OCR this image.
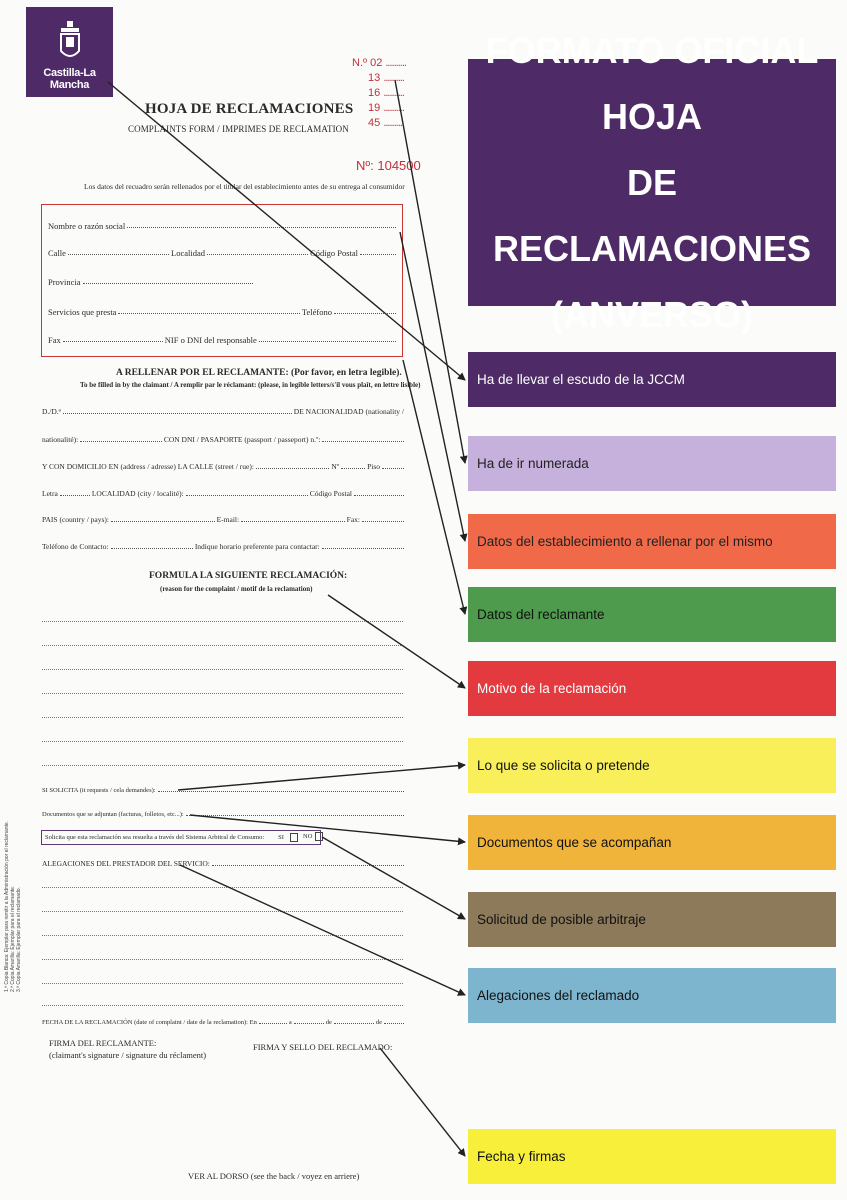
Castilla-La Mancha
N.º 02 ..........
13 ..........
16 ..........
19 ..........
45 ..........
Nº: 104500
HOJA DE RECLAMACIONES
COMPLAINTS FORM / IMPRIMES DE RECLAMATION
Los datos del recuadro serán rellenados por el titular del establecimiento antes de su entrega al consumidor
Nombre o razón social
Calle	Localidad	Código Postal
Provincia
Servicios que presta	Teléfono
Fax	NIF o DNI del responsable
A RELLENAR POR EL RECLAMANTE: (Por favor, en letra legible).
To be filled in by the claimant / A remplir par le réclamant: (please, in legible letters/s'il vous plaît, en lettre lisible)
D./D.ª	DE NACIONALIDAD (nationality /
nationalité):	CON DNI / PASAPORTE (passport / passeport) n.º:
Y CON DOMICILIO EN (address / adresse) LA CALLE (street / rue):	Nº	Piso
Letra	LOCALIDAD (city / localité):	Código Postal
PAIS (country / pays):	E-mail:	Fax:
Teléfono de Contacto:	Indique horario preferente para contactar:
FORMULA LA SIGUIENTE RECLAMACIÓN:
(reason for the complaint / motif de la reclamation)
SI SOLICITA (it requests / cela demandes):
Documentos que se adjuntan (facturas, folletos, etc...):
Solicita que esta reclamación sea resuelta a través del Sistema Arbitral de Consumo: SI	NO
ALEGACIONES DEL PRESTADOR DEL SERVICIO:
FECHA DE LA RECLAMACIÓN (date of complaint / date de la reclamation): En	a	de	de
FIRMA DEL RECLAMANTE:
(claimant's signature / signature du réclament)
FIRMA Y SELLO DEL RECLAMADO:
VER AL DORSO (see the back / voyez en arriere)
1.ª Copia Blanca: Ejemplar para remitir a la Administración por el reclamante. 2.ª Copia Amarilla: Ejemplar para el reclamante. 3.ª Copia Amarilla: Ejemplar para el reclamado.
FORMATO OFICIAL HOJA
DE RECLAMACIONES
(ANVERSO)
Ha de llevar el escudo de la JCCM
Ha de ir numerada
Datos del establecimiento a rellenar por el mismo
Datos del reclamante
Motivo de la reclamación
Lo que se solicita o pretende
Documentos que se acompañan
Solicitud de posible arbitraje
Alegaciones del reclamado
Fecha y firmas
